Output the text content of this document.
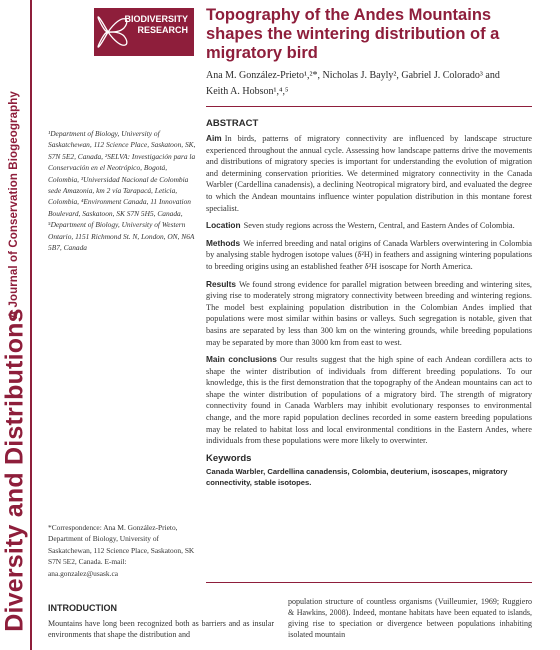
A Journal of Conservation Biogeography
Diversity and Distributions
BIODIVERSITY
RESEARCH
Topography of the Andes Mountains shapes the wintering distribution of a migratory bird
Ana M. González-Prieto¹,²*, Nicholas J. Bayly², Gabriel J. Colorado³ and
Keith A. Hobson¹,⁴,⁵
¹Department of Biology, University of Saskatchewan, 112 Science Place, Saskatoon, SK, S7N 5E2, Canada, ²SELVA: Investigación para la Conservación en el Neotrópico, Bogotá, Colombia, ³Universidad Nacional de Colombia sede Amazonia, km 2 vía Tarapacá, Leticia, Colombia, ⁴Environment Canada, 11 Innovation Boulevard, Saskatoon, SK S7N 5H5, Canada, ⁵Department of Biology, University of Western Ontario, 1151 Richmond St. N, London, ON, N6A 5B7, Canada
*Correspondence: Ana M. González-Prieto, Department of Biology, University of Saskatchewan, 112 Science Place, Saskatoon, SK S7N 5E2, Canada. E-mail: ana.gonzalez@usask.ca
ABSTRACT

Aim In birds, patterns of migratory connectivity are influenced by landscape structure experienced throughout the annual cycle. Assessing how landscape patterns drive the movements and distributions of migratory species is important for understanding the evolution of migration and determining conservation priorities. We determined migratory connectivity in the Canada Warbler (Cardellina canadensis), a declining Neotropical migratory bird, and evaluated the degree to which the Andean mountains influence winter population distribution in this montane forest specialist.

Location Seven study regions across the Western, Central, and Eastern Andes of Colombia.

Methods We inferred breeding and natal origins of Canada Warblers overwintering in Colombia by analysing stable hydrogen isotope values (δ²H) in feathers and assigning wintering populations to breeding origins using an established feather δ²H isoscape for North America.

Results We found strong evidence for parallel migration between breeding and wintering sites, giving rise to moderately strong migratory connectivity between breeding and wintering regions. The model best explaining population distribution in the Colombian Andes implied that populations were most similar within basins or valleys. Such segregation is notable, given that basins are separated by less than 300 km on the wintering grounds, while breeding populations may be separated by more than 3000 km from east to west.

Main conclusions Our results suggest that the high spine of each Andean cordillera acts to shape the winter distribution of individuals from different breeding populations. To our knowledge, this is the first demonstration that the topography of the Andean mountains can act to shape the winter distribution of populations of a migratory bird. The strength of migratory connectivity found in Canada Warblers may inhibit evolutionary responses to environmental change, and the more rapid population declines recorded in some eastern breeding populations may be related to habitat loss and local environmental conditions in the Eastern Andes, where individuals from these populations were more likely to overwinter.

Keywords
Canada Warbler, Cardellina canadensis, Colombia, deuterium, isoscapes, migratory connectivity, stable isotopes.
INTRODUCTION
Mountains have long been recognized both as barriers and as insular environments that shape the distribution and
population structure of countless organisms (Vuilleumier, 1969; Ruggiero & Hawkins, 2008). Indeed, montane habitats have been equated to islands, giving rise to speciation or divergence between populations inhabiting isolated mountain
